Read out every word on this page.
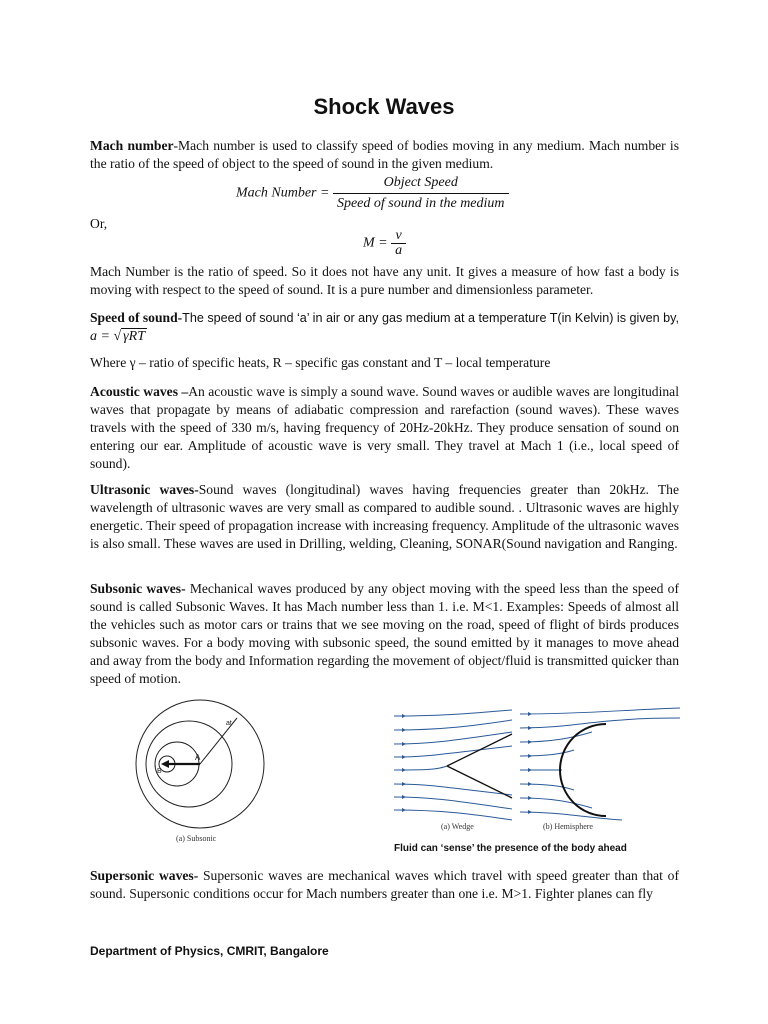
Shock Waves

Mach number-Mach number is used to classify speed of bodies moving in any medium. Mach number is the ratio of the speed of object to the speed of sound in the given medium.

Mach Number = $\frac{\text{Object Speed}}{\text{Speed of sound in the medium}}$

Or,

$M = \frac{v}{a}$

Mach Number is the ratio of speed. So it does not have any unit. It gives a measure of how fast a body is moving with respect to the speed of sound. It is a pure number and dimensionless parameter.

Speed of sound-The speed of sound ‘a’ in air or any gas medium at a temperature T(in Kelvin) is given by, a = √ γRT

Where γ – ratio of specific heats, R – specific gas constant and T – local temperature

Acoustic waves –An acoustic wave is simply a sound wave. Sound waves or audible waves are longitudinal waves that propagate by means of adiabatic compression and rarefaction (sound waves). These waves travels with the speed of 330 m/s, having frequency of 20Hz-20kHz. They produce sensation of sound on entering our ear. Amplitude of acoustic wave is very small. They travel at Mach 1 (i.e., local speed of sound).

Ultrasonic waves-Sound waves (longitudinal) waves having frequencies greater than 20kHz. The wavelength of ultrasonic waves are very small as compared to audible sound. . Ultrasonic waves are highly energetic. Their speed of propagation increase with increasing frequency. Amplitude of the ultrasonic waves is also small. These waves are used in Drilling, welding, Cleaning, SONAR(Sound navigation and Ranging.

Subsonic waves- Mechanical waves produced by any object moving with the speed less than the speed of sound is called Subsonic Waves. It has Mach number less than 1. i.e. M<1. Examples: Speeds of almost all the vehicles such as motor cars or trains that we see moving on the road, speed of flight of birds produces subsonic waves. For a body moving with subsonic speed, the sound emitted by it manages to move ahead and away from the body and Information regarding the movement of object/fluid is transmitted quicker than speed of motion.

at
A
B
(a) Subsonic
(a) Wedge	(b) Hemisphere
Fluid can ‘sense’ the presence of the body ahead

Supersonic waves- Supersonic waves are mechanical waves which travel with speed greater than that of sound. Supersonic conditions occur for Mach numbers greater than one i.e. M>1. Fighter planes can fly

Department of Physics, CMRIT, Bangalore
